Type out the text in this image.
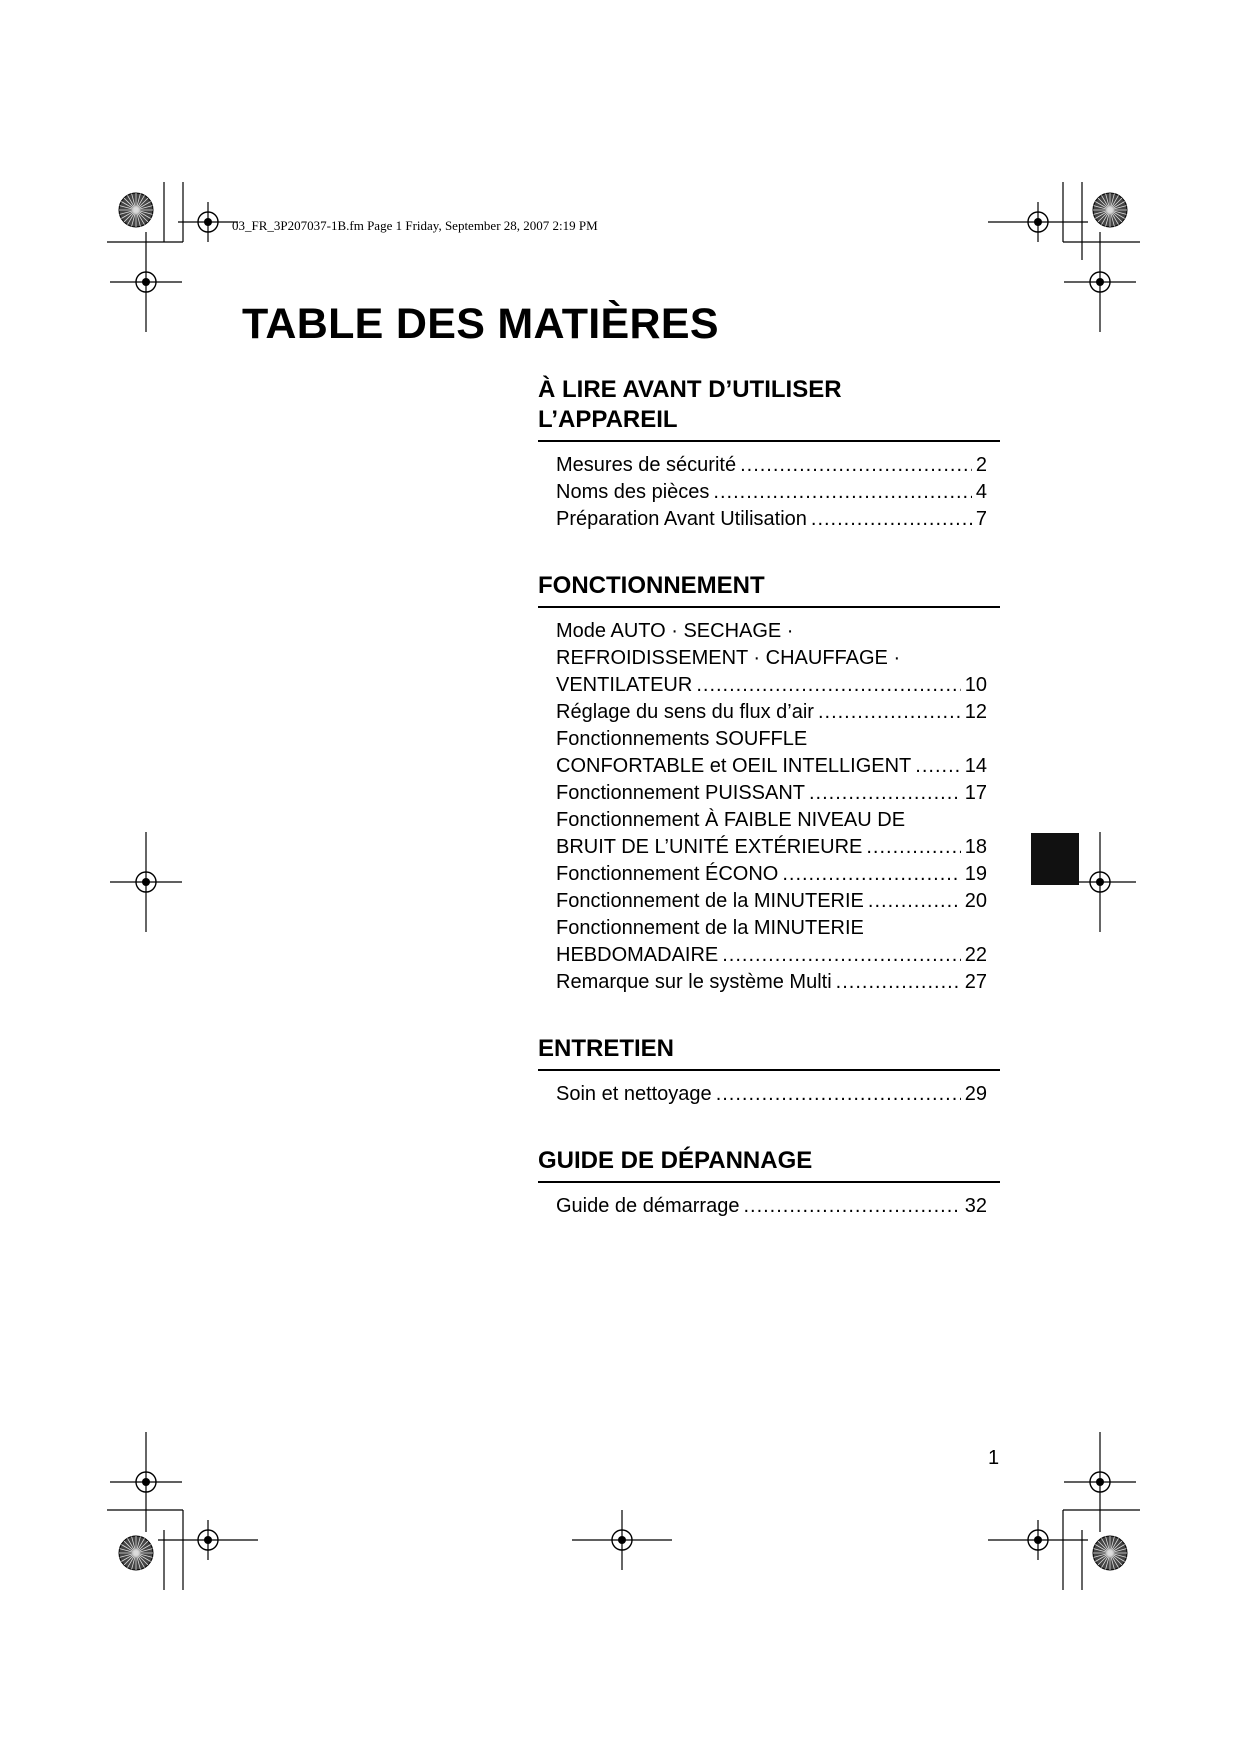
03_FR_3P207037-1B.fm Page 1 Friday, September 28, 2007 2:19 PM
TABLE DES MATIÈRES
À LIRE AVANT D’UTILISER
L’APPAREIL
Mesures de sécurité .....	2
Noms des pièces .....	4
Préparation Avant Utilisation .....	7
FONCTIONNEMENT
Mode AUTO · SECHAGE ·
REFROIDISSEMENT · CHAUFFAGE ·
VENTILATEUR .....	10
Réglage du sens du flux d’air .....	12
Fonctionnements SOUFFLE
CONFORTABLE et OEIL INTELLIGENT .....	14
Fonctionnement PUISSANT .....	17
Fonctionnement À FAIBLE NIVEAU DE
BRUIT DE L’UNITÉ EXTÉRIEURE .....	18
Fonctionnement ÉCONO .....	19
Fonctionnement de la MINUTERIE .....	20
Fonctionnement de la MINUTERIE
HEBDOMADAIRE .....	22
Remarque sur le système Multi .....	27
ENTRETIEN
Soin et nettoyage .....	29
GUIDE DE DÉPANNAGE
Guide de démarrage .....	32
1
